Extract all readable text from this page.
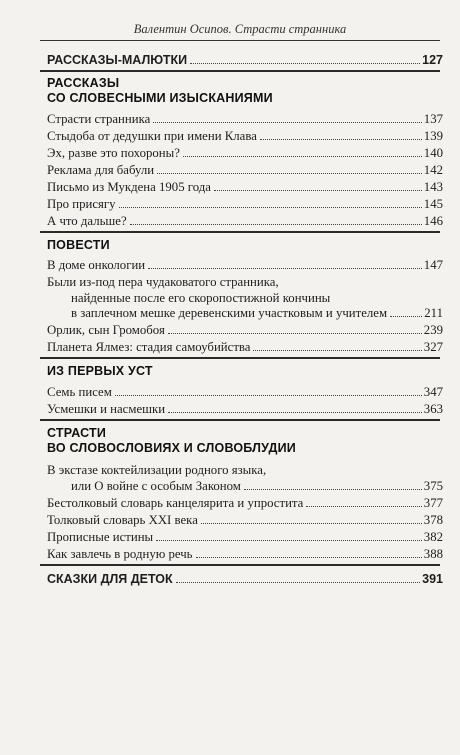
Валентин Осипов. Страсти странника
РАССКАЗЫ-МАЛЮТКИ	127
РАССКАЗЫ
СО СЛОВЕСНЫМИ ИЗЫСКАНИЯМИ
Страсти странника	137
Стыдоба от дедушки при имени Клава	139
Эх, разве это похороны?	140
Реклама для бабули	142
Письмо из Мукдена 1905 года	143
Про присягу	145
А что дальше?	146
ПОВЕСТИ
В доме онкологии	147
Были из-под пера чудаковатого странника,
найденные после его скоропостижной кончины
в заплечном мешке деревенскими участковым и учителем	211
Орлик, сын Громобоя	239
Планета Ялмез: стадия самоубийства	327
ИЗ ПЕРВЫХ УСТ
Семь писем	347
Усмешки и насмешки	363
СТРАСТИ
ВО СЛОВОСЛОВИЯХ И СЛОВОБЛУДИИ
В экстазе коктейлизации родного языка,
или О войне с особым Законом	375
Бестолковый словарь канцелярита и упростита	377
Толковый словарь XXI века	378
Прописные истины	382
Как завлечь в родную речь	388
СКАЗКИ ДЛЯ ДЕТОК	391
